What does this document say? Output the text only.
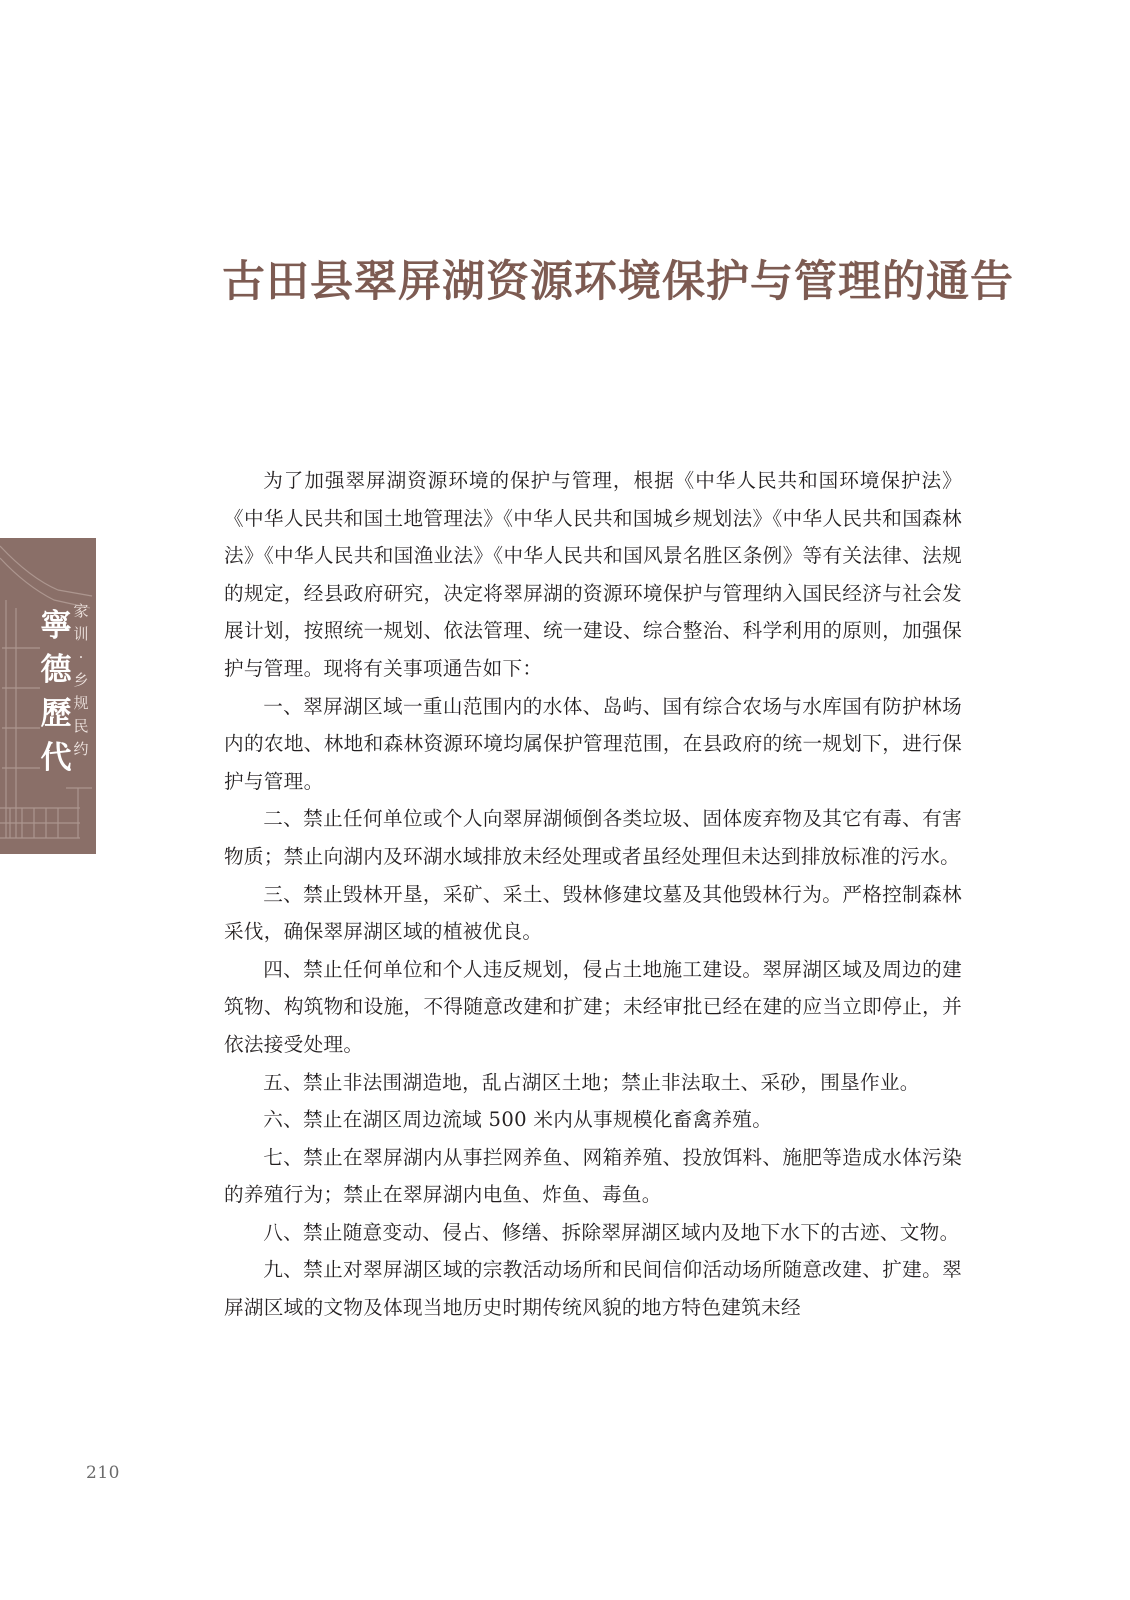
古田县翠屏湖资源环境保护与管理的通告

为了加强翠屏湖资源环境的保护与管理，根据《中华人民共和国环境保护法》《中华人民共和国土地管理法》《中华人民共和国城乡规划法》《中华人民共和国森林法》《中华人民共和国渔业法》《中华人民共和国风景名胜区条例》等有关法律、法规的规定，经县政府研究，决定将翠屏湖的资源环境保护与管理纳入国民经济与社会发展计划，按照统一规划、依法管理、统一建设、综合整治、科学利用的原则，加强保护与管理。现将有关事项通告如下：

一、翠屏湖区域一重山范围内的水体、岛屿、国有综合农场与水库国有防护林场内的农地、林地和森林资源环境均属保护管理范围，在县政府的统一规划下，进行保护与管理。

二、禁止任何单位或个人向翠屏湖倾倒各类垃圾、固体废弃物及其它有毒、有害物质；禁止向湖内及环湖水域排放未经处理或者虽经处理但未达到排放标准的污水。

三、禁止毁林开垦，采矿、采土、毁林修建坟墓及其他毁林行为。严格控制森林采伐，确保翠屏湖区域的植被优良。

四、禁止任何单位和个人违反规划，侵占土地施工建设。翠屏湖区域及周边的建筑物、构筑物和设施，不得随意改建和扩建；未经审批已经在建的应当立即停止，并依法接受处理。

五、禁止非法围湖造地，乱占湖区土地；禁止非法取土、采砂，围垦作业。

六、禁止在湖区周边流域 500 米内从事规模化畜禽养殖。

七、禁止在翠屏湖内从事拦网养鱼、网箱养殖、投放饵料、施肥等造成水体污染的养殖行为；禁止在翠屏湖内电鱼、炸鱼、毒鱼。

八、禁止随意变动、侵占、修缮、拆除翠屏湖区域内及地下水下的古迹、文物。

九、禁止对翠屏湖区域的宗教活动场所和民间信仰活动场所随意改建、扩建。翠屏湖区域的文物及体现当地历史时期传统风貌的地方特色建筑未经

寧德歷代
家训·乡规民约
210
